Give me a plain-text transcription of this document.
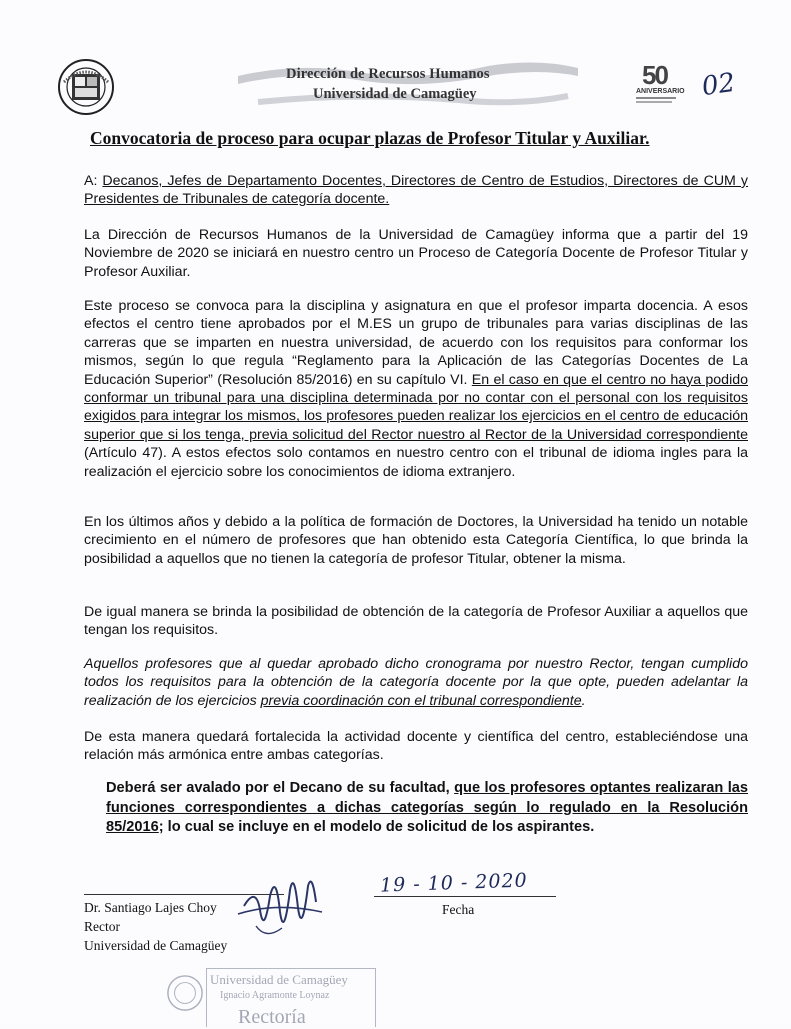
Dirección de Recursos Humanos
Universidad de Camagüey
50
ANIVERSARIO 02
Convocatoria de proceso para ocupar plazas de Profesor Titular y Auxiliar.
A: Decanos, Jefes de Departamento Docentes, Directores de Centro de Estudios, Directores de CUM y Presidentes de Tribunales de categoría docente.
La Dirección de Recursos Humanos de la Universidad de Camagüey informa que a partir del 19 Noviembre de 2020 se iniciará en nuestro centro un Proceso de Categoría Docente de Profesor Titular y Profesor Auxiliar.
Este proceso se convoca para la disciplina y asignatura en que el profesor imparta docencia. A esos efectos el centro tiene aprobados por el M.ES un grupo de tribunales para varias disciplinas de las carreras que se imparten en nuestra universidad, de acuerdo con los requisitos para conformar los mismos, según lo que regula “Reglamento para la Aplicación de las Categorías Docentes de La Educación Superior” (Resolución 85/2016) en su capítulo VI. En el caso en que el centro no haya podido conformar un tribunal para una disciplina determinada por no contar con el personal con los requisitos exigidos para integrar los mismos, los profesores pueden realizar los ejercicios en el centro de educación superior que si los tenga, previa solicitud del Rector nuestro al Rector de la Universidad correspondiente (Artículo 47). A estos efectos solo contamos en nuestro centro con el tribunal de idioma ingles para la realización el ejercicio sobre los conocimientos de idioma extranjero.
En los últimos años y debido a la política de formación de Doctores, la Universidad ha tenido un notable crecimiento en el número de profesores que han obtenido esta Categoría Científica, lo que brinda la posibilidad a aquellos que no tienen la categoría de profesor Titular, obtener la misma.
De igual manera se brinda la posibilidad de obtención de la categoría de Profesor Auxiliar a aquellos que tengan los requisitos.
Aquellos profesores que al quedar aprobado dicho cronograma por nuestro Rector, tengan cumplido todos los requisitos para la obtención de la categoría docente por la que opte, pueden adelantar la realización de los ejercicios previa coordinación con el tribunal correspondiente.
De esta manera quedará fortalecida la actividad docente y científica del centro, estableciéndose una relación más armónica entre ambas categorías.
Deberá ser avalado por el Decano de su facultad, que los profesores optantes realizaran las funciones correspondientes a dichas categorías según lo regulado en la Resolución 85/2016; lo cual se incluye en el modelo de solicitud de los aspirantes.
Dr. Santiago Lajes Choy
Rector
Universidad de Camagüey
19 - 10 - 2020
Fecha
Universidad de Camagüey
Ignacio Agramonte Loynaz
Rectoría
